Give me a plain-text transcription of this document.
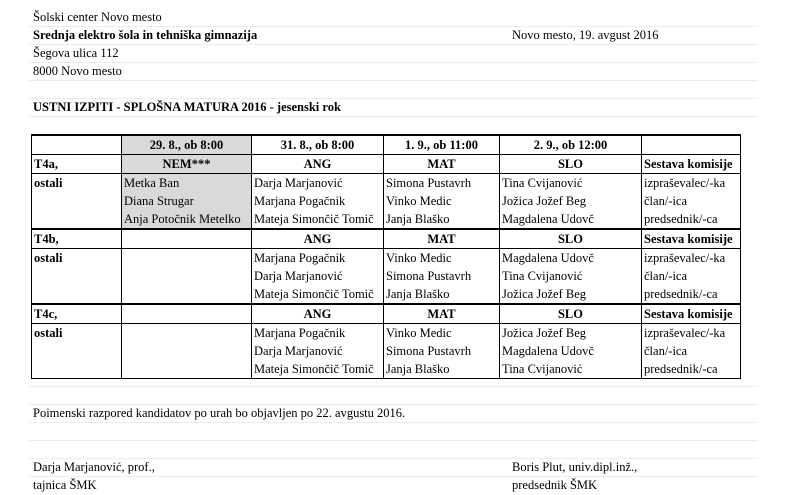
Šolski center Novo mesto
Srednja elektro šola in tehniška gimnazija	Novo mesto, 19. avgust 2016
Šegova ulica 112
8000 Novo mesto
USTNI IZPITI - SPLOŠNA MATURA 2016 - jesenski rok
	29. 8., ob 8:00	31. 8., ob 8:00	1. 9., ob 11:00	2. 9., ob 12:00	
T4a,	NEM***	ANG	MAT	SLO	Sestava komisije
ostali	Metka Ban	Darja Marjanović	Simona Pustavrh	Tina Cvijanović	izpraševalec/-ka
	Diana Strugar	Marjana Pogačnik	Vinko Medic	Jožica Jožef Beg	član/-ica
	Anja Potočnik Metelko	Mateja Simončič Tomič	Janja Blaško	Magdalena Udovč	predsednik/-ca
T4b,		ANG	MAT	SLO	Sestava komisije
ostali		Marjana Pogačnik	Vinko Medic	Magdalena Udovč	izpraševalec/-ka
		Darja Marjanović	Simona Pustavrh	Tina Cvijanović	član/-ica
		Mateja Simončič Tomič	Janja Blaško	Jožica Jožef Beg	predsednik/-ca
T4c,		ANG	MAT	SLO	Sestava komisije
ostali		Marjana Pogačnik	Vinko Medic	Jožica Jožef Beg	izpraševalec/-ka
		Darja Marjanović	Simona Pustavrh	Magdalena Udovč	član/-ica
		Mateja Simončič Tomič	Janja Blaško	Tina Cvijanović	predsednik/-ca
Poimenski razpored kandidatov po urah bo objavljen po 22. avgustu 2016.
Darja Marjanović, prof.,
tajnica ŠMK
Boris Plut, univ.dipl.inž.,
predsednik ŠMK
